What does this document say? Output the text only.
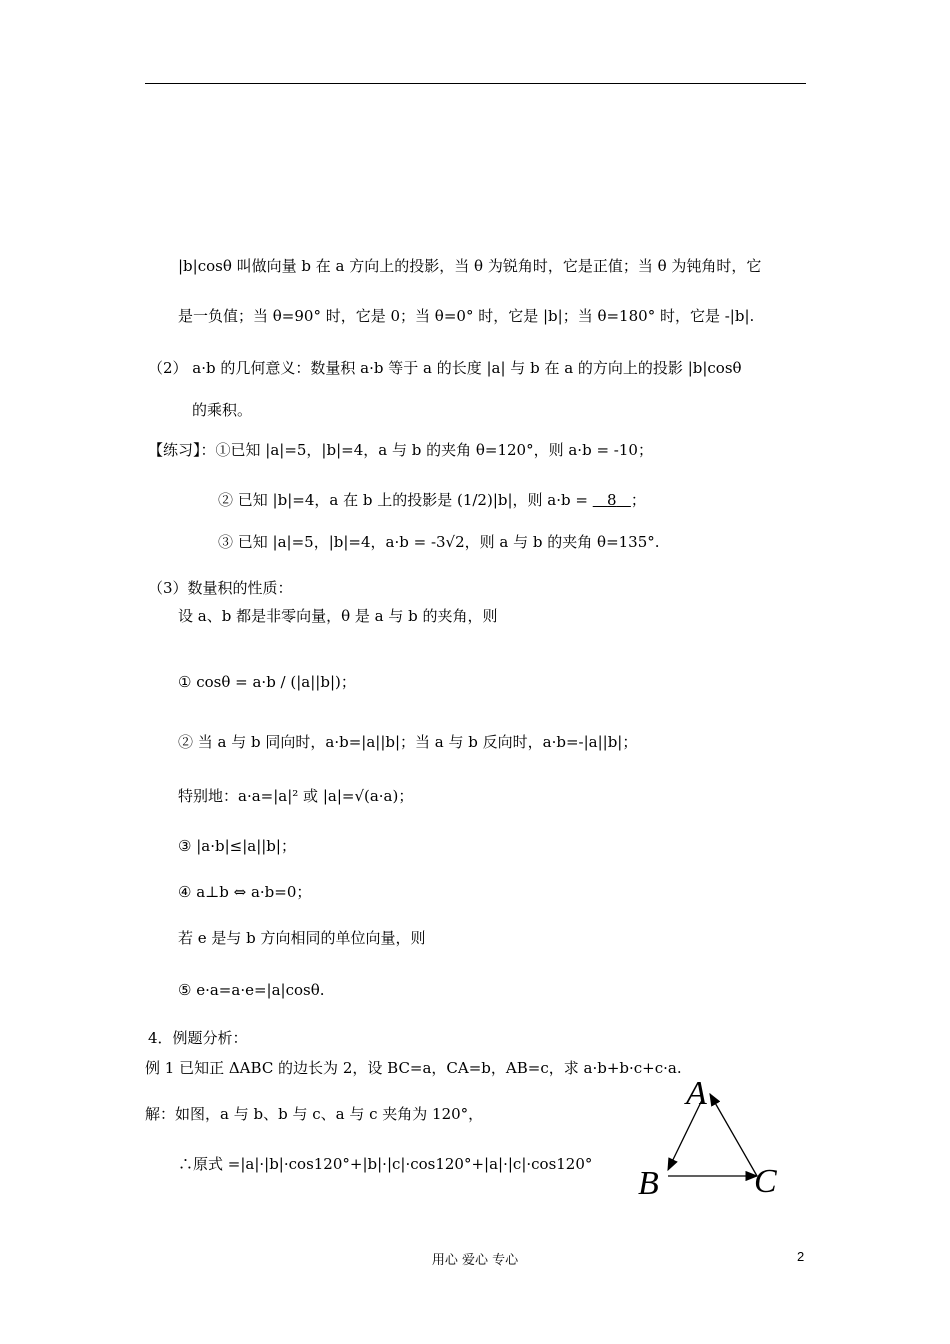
|b|cosθ 叫做向量 b 在 a 方向上的投影，当 θ 为锐角时，它是正值；当 θ 为钝角时，它
是一负值；当 θ=90° 时，它是 0；当 θ=0° 时，它是 |b|；当 θ=180° 时，它是 -|b|.
（2） a·b 的几何意义：数量积 a·b 等于 a 的长度 |a| 与 b 在 a 的方向上的投影 |b|cosθ
的乘积。
【练习】：①已知 |a|=5，|b|=4，a 与 b 的夹角 θ=120°，则 a·b = -10；
② 已知 |b|=4，a 在 b 上的投影是 (1/2)|b|，则 a·b = 8 ；
③ 已知 |a|=5，|b|=4，a·b = -3√2，则 a 与 b 的夹角 θ=135°.
（3）数量积的性质：
设 a、b 都是非零向量，θ 是 a 与 b 的夹角，则
① cosθ = a·b / (|a||b|)；
② 当 a 与 b 同向时，a·b=|a||b|；当 a 与 b 反向时，a·b=-|a||b|；
特别地：a·a=|a|² 或 |a|=√(a·a)；
③ |a·b|≤|a||b|；
④ a⊥b ⇔ a·b=0；
若 e 是与 b 方向相同的单位向量，则
⑤ e·a=a·e=|a|cosθ.
4．例题分析：
例 1 已知正 ΔABC 的边长为 2，设 BC=a，CA=b，AB=c，求 a·b+b·c+c·a.
解：如图，a 与 b、b 与 c、a 与 c 夹角为 120°，
∴原式 =|a|·|b|·cos120°+|b|·|c|·cos120°+|a|·|c|·cos120°
A
B	C
用心 爱心 专心	2
